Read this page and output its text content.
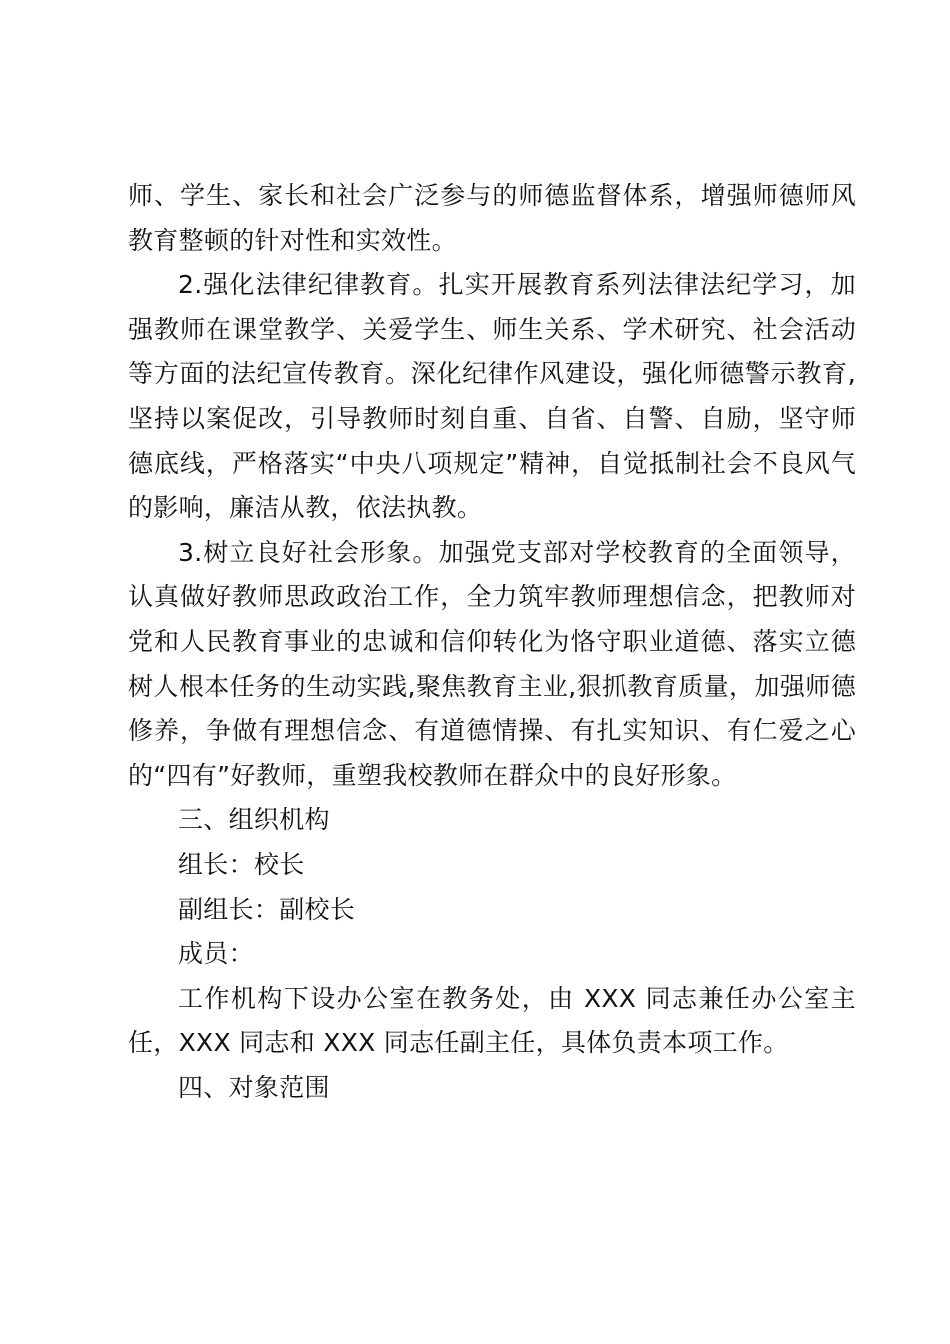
师、学生、家长和社会广泛参与的师德监督体系，增强师德师风教育整顿的针对性和实效性。

2.强化法律纪律教育。扎实开展教育系列法律法纪学习，加强教师在课堂教学、关爱学生、师生关系、学术研究、社会活动等方面的法纪宣传教育。深化纪律作风建设，强化师德警示教育,坚持以案促改，引导教师时刻自重、自省、自警、自励，坚守师德底线，严格落实“中央八项规定”精神，自觉抵制社会不良风气的影响，廉洁从教，依法执教。

3.树立良好社会形象。加强党支部对学校教育的全面领导，认真做好教师思政政治工作，全力筑牢教师理想信念，把教师对党和人民教育事业的忠诚和信仰转化为恪守职业道德、落实立德树人根本任务的生动实践,聚焦教育主业,狠抓教育质量，加强师德修养，争做有理想信念、有道德情操、有扎实知识、有仁爱之心的“四有”好教师，重塑我校教师在群众中的良好形象。

三、组织机构

组长：校长

副组长：副校长

成员：

工作机构下设办公室在教务处，由 XXX 同志兼任办公室主任，XXX 同志和 XXX 同志任副主任，具体负责本项工作。

四、对象范围
